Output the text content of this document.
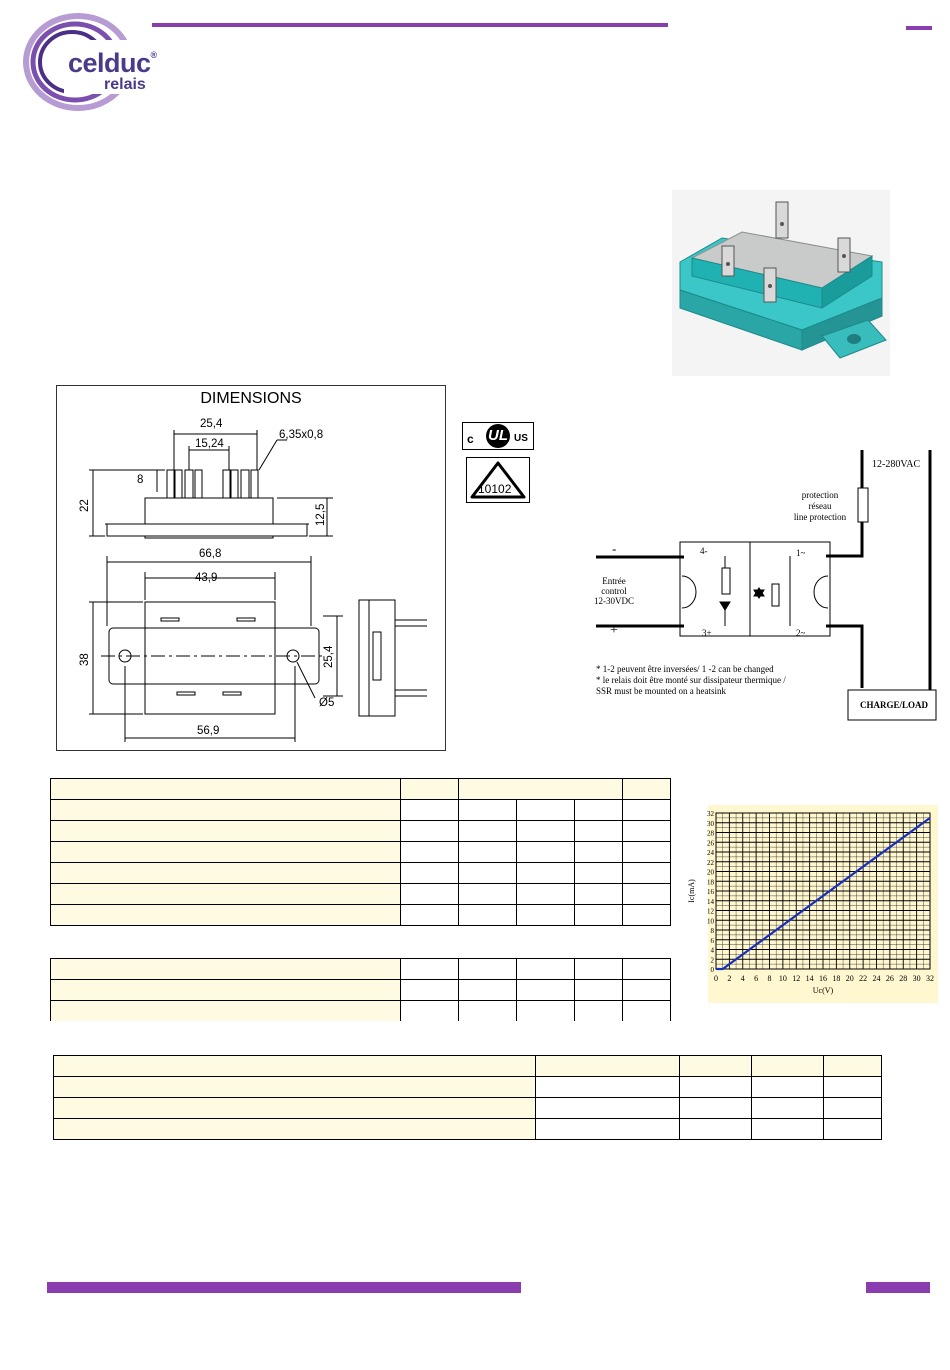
celduc®
relais
DIMENSIONS
25,4
15,24
6,35x0,8
8
22	12,5
66,8
43,9
38	25,4
Ø5
56,9
c UL US
10102
12-280VAC
protection
réseau
line protection
-
+
Entrée
control
12-30VDC
4-
3+
1~
2~
* 1-2 peuvent être inversées/ 1 -2 can be changed
* le relais doit être monté sur dissipateur thermique /
SSR must be mounted on a heatsink
CHARGE/LOAD

0 2 4 6 8 10 12 14 16 18 20 22 24 26 28 30 32
0
2
4
6
8
10
12
14
16
18
20
22
24
26
28
30
32
Uc(V)
Ic(mA)
